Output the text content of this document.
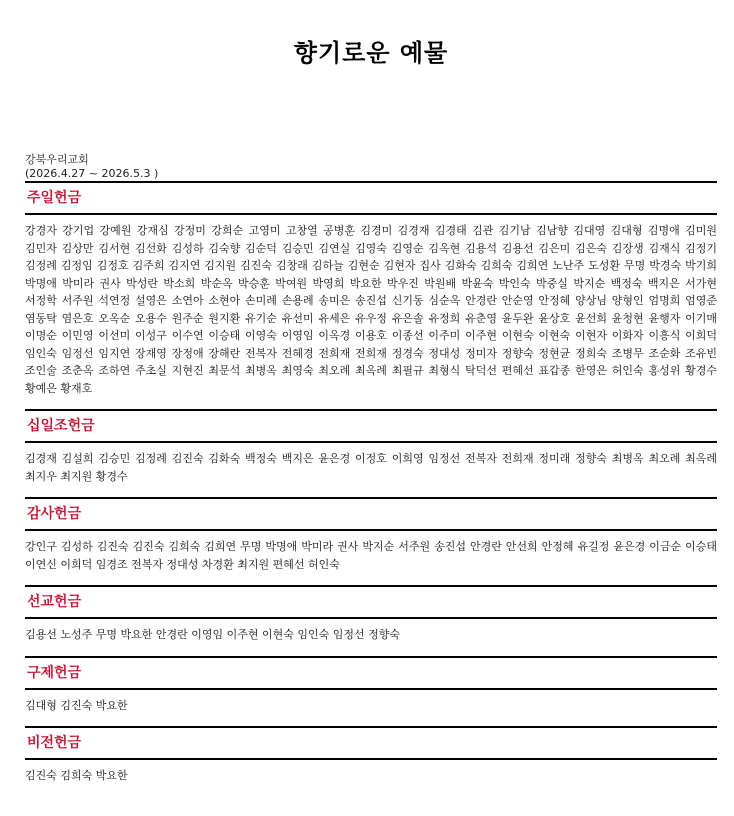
향기로운 예물
강북우리교회
(2026.4.27 ~ 2026.5.3 )
주일헌금
강경자 강기업 강예원 강재심 강정미 강희순 고영미 고창열 공병훈 김경미 김경재 김경태 김관 김기남 김남향 김대영 김대형 김명애 김미원 김민자 김상만 김서현 김선화 김성하 김숙향 김순덕 김승민 김연실 김영숙 김영순 김옥현 김용석 김용선 김은미 김은숙 김장생 김재식 김정기 김정례 김정임 김정호 김주희 김지연 김지원 김진숙 김창래 김하늘 김현순 김현자 집사 김화숙 김희숙 김희연 노난주 도성환 무명 박경숙 박기희 박명애 박미라 권사 박성란 박소희 박순옥 박승훈 박여원 박영희 박요한 박우진 박원배 박윤숙 박인숙 박중실 박지순 백정숙 백지은 서가현 서정학 서주원 석연정 설영은 소연아 소현아 손미례 손용례 송미은 송진섭 신기동 심순옥 안경란 안순영 안정혜 양상님 양형인 엄명희 엄영준 염동탁 염은호 오옥순 오용수 원주순 원지환 유기순 유선미 유세은 유우정 유은솔 유정희 유춘영 윤두완 윤상호 윤선희 윤청현 윤행자 이기매 이명순 이민영 이선미 이성구 이수연 이승태 이영숙 이영임 이옥경 이용호 이종선 이주미 이주현 이현숙 이현숙 이현자 이화자 이흥식 이희덕 임인숙 임정선 임지연 장재영 장정애 장해란 전복자 전혜경 전희재 전희재 정경숙 정대성 정미자 정향숙 정현균 정희숙 조병무 조순화 조유빈 조인술 조춘옥 조하연 주초실 지현진 최문석 최병옥 최영숙 최오례 최옥례 최필규 최형식 탁덕선 편혜선 표갑종 한영은 허인숙 홍성위 황경수 황예은 황재호
십일조헌금
김경재 김설희 김승민 김정례 김진숙 김화숙 백정숙 백지은 윤은경 이정호 이희영 임정선 전복자 전희재 정미래 정향숙 최병옥 최오례 최옥례 최지우 최지원 황경수
감사헌금
강인구 김성하 김진숙 김진숙 김희숙 김희연 무명 박명애 박미라 권사 박지순 서주원 송진섭 안경란 안선희 안정혜 유길정 윤은경 이금순 이승태 이연신 이희덕 임경조 전복자 정대성 차경환 최지원 편혜선 허인숙
선교헌금
김용선 노성주 무명 박요한 안경란 이영임 이주현 이현숙 임인숙 임정선 정향숙
구제헌금
김대형 김진숙 박요한
비전헌금
김진숙 김희숙 박요한
